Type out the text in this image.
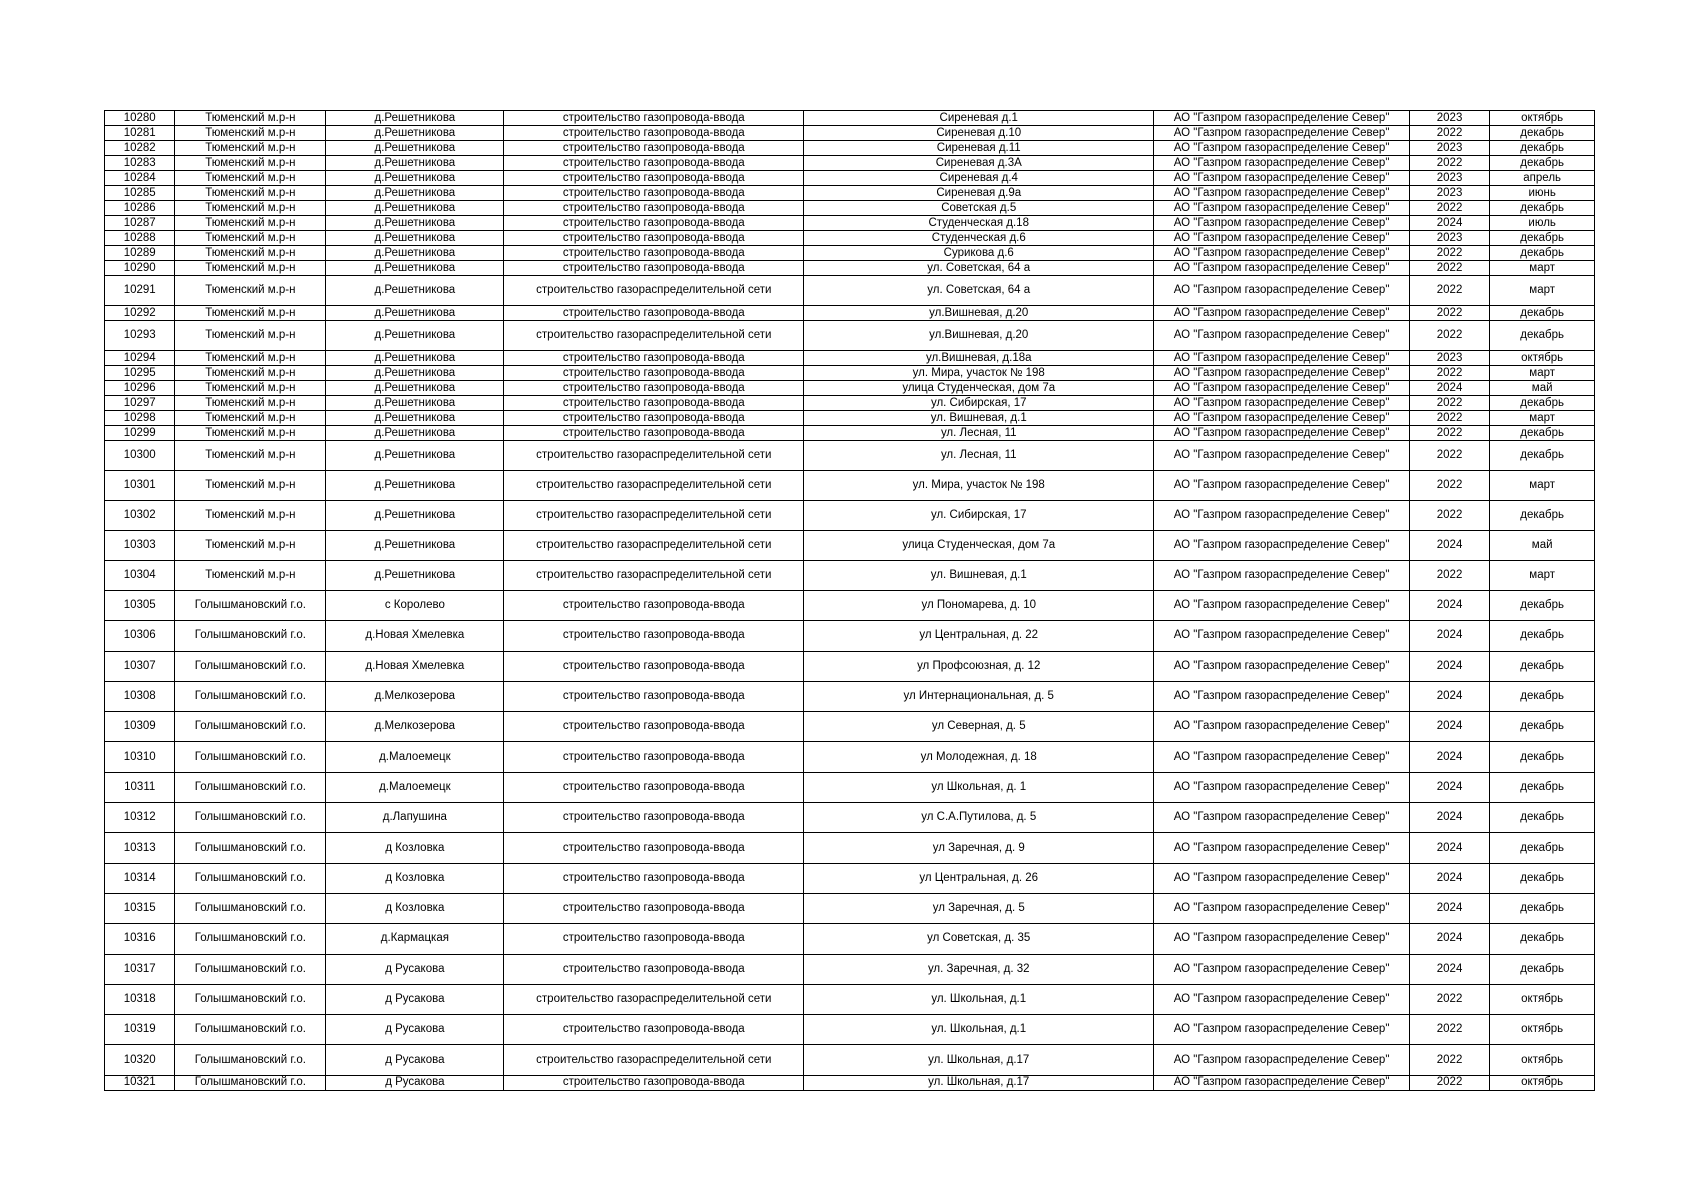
10280	Тюменский м.р-н	д.Решетникова	строительство газопровода-ввода	Сиреневая д.1	АО "Газпром газораспределение Север"	2023	октябрь
10281	Тюменский м.р-н	д.Решетникова	строительство газопровода-ввода	Сиреневая д.10	АО "Газпром газораспределение Север"	2022	декабрь
10282	Тюменский м.р-н	д.Решетникова	строительство газопровода-ввода	Сиреневая д.11	АО "Газпром газораспределение Север"	2023	декабрь
10283	Тюменский м.р-н	д.Решетникова	строительство газопровода-ввода	Сиреневая д.3А	АО "Газпром газораспределение Север"	2022	декабрь
10284	Тюменский м.р-н	д.Решетникова	строительство газопровода-ввода	Сиреневая д.4	АО "Газпром газораспределение Север"	2023	апрель
10285	Тюменский м.р-н	д.Решетникова	строительство газопровода-ввода	Сиреневая д.9а	АО "Газпром газораспределение Север"	2023	июнь
10286	Тюменский м.р-н	д.Решетникова	строительство газопровода-ввода	Советская д.5	АО "Газпром газораспределение Север"	2022	декабрь
10287	Тюменский м.р-н	д.Решетникова	строительство газопровода-ввода	Студенческая д.18	АО "Газпром газораспределение Север"	2024	июль
10288	Тюменский м.р-н	д.Решетникова	строительство газопровода-ввода	Студенческая д.6	АО "Газпром газораспределение Север"	2023	декабрь
10289	Тюменский м.р-н	д.Решетникова	строительство газопровода-ввода	Сурикова д.6	АО "Газпром газораспределение Север"	2022	декабрь
10290	Тюменский м.р-н	д.Решетникова	строительство газопровода-ввода	ул. Советская, 64 а	АО "Газпром газораспределение Север"	2022	март
10291	Тюменский м.р-н	д.Решетникова	строительство газораспределительной сети	ул. Советская, 64 а	АО "Газпром газораспределение Север"	2022	март
10292	Тюменский м.р-н	д.Решетникова	строительство газопровода-ввода	ул.Вишневая, д.20	АО "Газпром газораспределение Север"	2022	декабрь
10293	Тюменский м.р-н	д.Решетникова	строительство газораспределительной сети	ул.Вишневая, д.20	АО "Газпром газораспределение Север"	2022	декабрь
10294	Тюменский м.р-н	д.Решетникова	строительство газопровода-ввода	ул.Вишневая, д.18а	АО "Газпром газораспределение Север"	2023	октябрь
10295	Тюменский м.р-н	д.Решетникова	строительство газопровода-ввода	ул. Мира, участок № 198	АО "Газпром газораспределение Север"	2022	март
10296	Тюменский м.р-н	д.Решетникова	строительство газопровода-ввода	улица Студенческая, дом 7а	АО "Газпром газораспределение Север"	2024	май
10297	Тюменский м.р-н	д.Решетникова	строительство газопровода-ввода	ул. Сибирская, 17	АО "Газпром газораспределение Север"	2022	декабрь
10298	Тюменский м.р-н	д.Решетникова	строительство газопровода-ввода	ул. Вишневая, д.1	АО "Газпром газораспределение Север"	2022	март
10299	Тюменский м.р-н	д.Решетникова	строительство газопровода-ввода	ул. Лесная, 11	АО "Газпром газораспределение Север"	2022	декабрь
10300	Тюменский м.р-н	д.Решетникова	строительство газораспределительной сети	ул. Лесная, 11	АО "Газпром газораспределение Север"	2022	декабрь
10301	Тюменский м.р-н	д.Решетникова	строительство газораспределительной сети	ул. Мира, участок № 198	АО "Газпром газораспределение Север"	2022	март
10302	Тюменский м.р-н	д.Решетникова	строительство газораспределительной сети	ул. Сибирская, 17	АО "Газпром газораспределение Север"	2022	декабрь
10303	Тюменский м.р-н	д.Решетникова	строительство газораспределительной сети	улица Студенческая, дом 7а	АО "Газпром газораспределение Север"	2024	май
10304	Тюменский м.р-н	д.Решетникова	строительство газораспределительной сети	ул. Вишневая, д.1	АО "Газпром газораспределение Север"	2022	март
10305	Голышмановский г.о.	с Королево	строительство газопровода-ввода	ул Пономарева, д. 10	АО "Газпром газораспределение Север"	2024	декабрь
10306	Голышмановский г.о.	д.Новая Хмелевка	строительство газопровода-ввода	ул Центральная, д. 22	АО "Газпром газораспределение Север"	2024	декабрь
10307	Голышмановский г.о.	д.Новая Хмелевка	строительство газопровода-ввода	ул Профсоюзная, д. 12	АО "Газпром газораспределение Север"	2024	декабрь
10308	Голышмановский г.о.	д.Мелкозерова	строительство газопровода-ввода	ул Интернациональная, д. 5	АО "Газпром газораспределение Север"	2024	декабрь
10309	Голышмановский г.о.	д.Мелкозерова	строительство газопровода-ввода	ул Северная, д. 5	АО "Газпром газораспределение Север"	2024	декабрь
10310	Голышмановский г.о.	д.Малоемецк	строительство газопровода-ввода	ул Молодежная, д. 18	АО "Газпром газораспределение Север"	2024	декабрь
10311	Голышмановский г.о.	д.Малоемецк	строительство газопровода-ввода	ул Школьная, д. 1	АО "Газпром газораспределение Север"	2024	декабрь
10312	Голышмановский г.о.	д.Лапушина	строительство газопровода-ввода	ул С.А.Путилова, д. 5	АО "Газпром газораспределение Север"	2024	декабрь
10313	Голышмановский г.о.	д Козловка	строительство газопровода-ввода	ул Заречная, д. 9	АО "Газпром газораспределение Север"	2024	декабрь
10314	Голышмановский г.о.	д Козловка	строительство газопровода-ввода	ул Центральная, д. 26	АО "Газпром газораспределение Север"	2024	декабрь
10315	Голышмановский г.о.	д Козловка	строительство газопровода-ввода	ул Заречная, д. 5	АО "Газпром газораспределение Север"	2024	декабрь
10316	Голышмановский г.о.	д.Кармацкая	строительство газопровода-ввода	ул Советская, д. 35	АО "Газпром газораспределение Север"	2024	декабрь
10317	Голышмановский г.о.	д Русакова	строительство газопровода-ввода	ул. Заречная, д. 32	АО "Газпром газораспределение Север"	2024	декабрь
10318	Голышмановский г.о.	д Русакова	строительство газораспределительной сети	ул. Школьная, д.1	АО "Газпром газораспределение Север"	2022	октябрь
10319	Голышмановский г.о.	д Русакова	строительство газопровода-ввода	ул. Школьная, д.1	АО "Газпром газораспределение Север"	2022	октябрь
10320	Голышмановский г.о.	д Русакова	строительство газораспределительной сети	ул. Школьная, д.17	АО "Газпром газораспределение Север"	2022	октябрь
10321	Голышмановский г.о.	д Русакова	строительство газопровода-ввода	ул. Школьная, д.17	АО "Газпром газораспределение Север"	2022	октябрь
